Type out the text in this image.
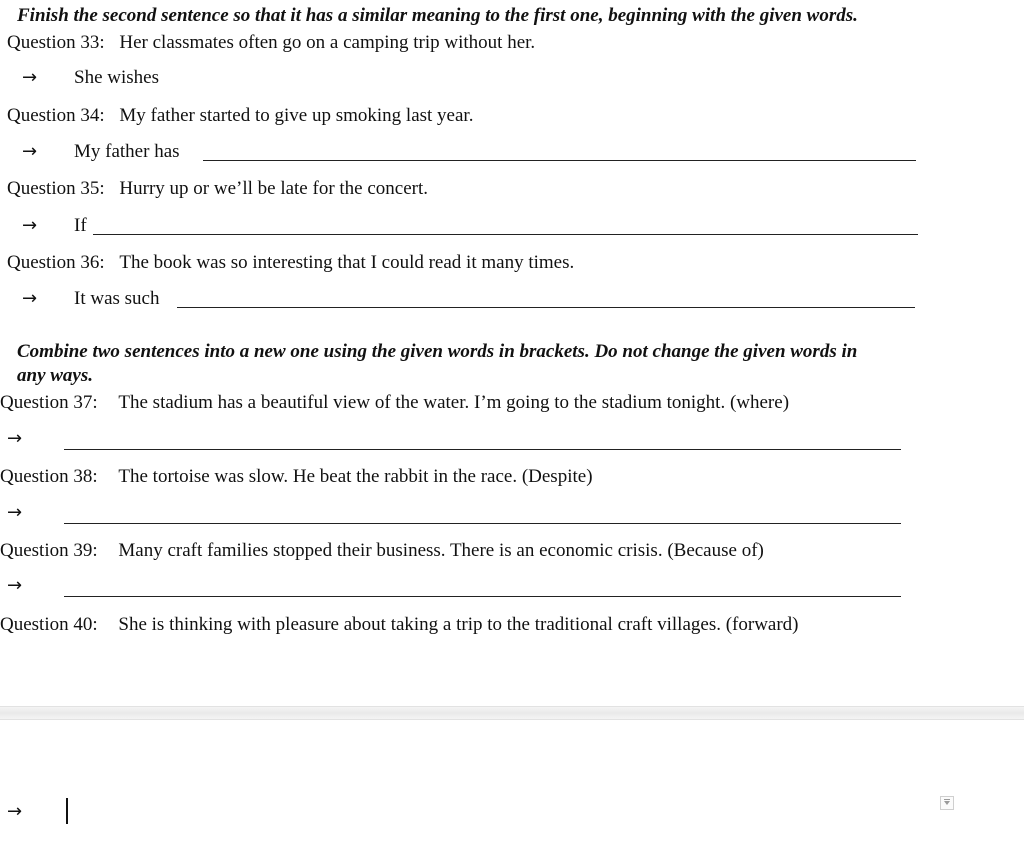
Finish the second sentence so that it has a similar meaning to the first one, beginning with the given words.
Question 33: Her classmates often go on a camping trip without her.
→ She wishes
Question 34: My father started to give up smoking last year.
→ My father has
Question 35: Hurry up or we’ll be late for the concert.
→ If
Question 36: The book was so interesting that I could read it many times.
→ It was such
Combine two sentences into a new one using the given words in brackets. Do not change the given words in
any ways.
Question 37: The stadium has a beautiful view of the water. I’m going to the stadium tonight. (where)
→
Question 38: The tortoise was slow. He beat the rabbit in the race. (Despite)
→
Question 39: Many craft families stopped their business. There is an economic crisis. (Because of)
→
Question 40: She is thinking with pleasure about taking a trip to the traditional craft villages. (forward)
→
